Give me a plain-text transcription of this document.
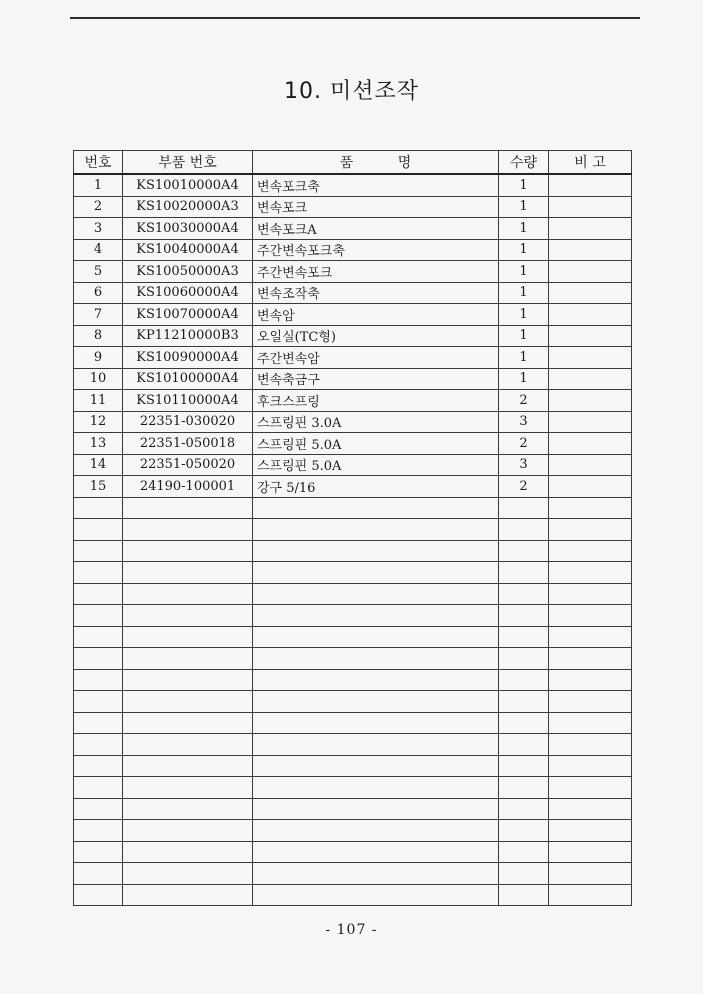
10. 미션조작
번호	부품 번호	품          명	수량	비 고
1	KS10010000A4	변속포크축	1	
2	KS10020000A3	변속포크	1	
3	KS10030000A4	변속포크A	1	
4	KS10040000A4	주간변속포크축	1	
5	KS10050000A3	주간변속포크	1	
6	KS10060000A4	변속조작축	1	
7	KS10070000A4	변속암	1	
8	KP11210000B3	오일실(TC형)	1	
9	KS10090000A4	주간변속암	1	
10	KS10100000A4	변속축금구	1	
11	KS10110000A4	후크스프링	2	
12	22351-030020	스프링핀 3.0A	3	
13	22351-050018	스프링핀 5.0A	2	
14	22351-050020	스프링핀 5.0A	3	
15	24190-100001	강구 5/16	2	

- 107 -
